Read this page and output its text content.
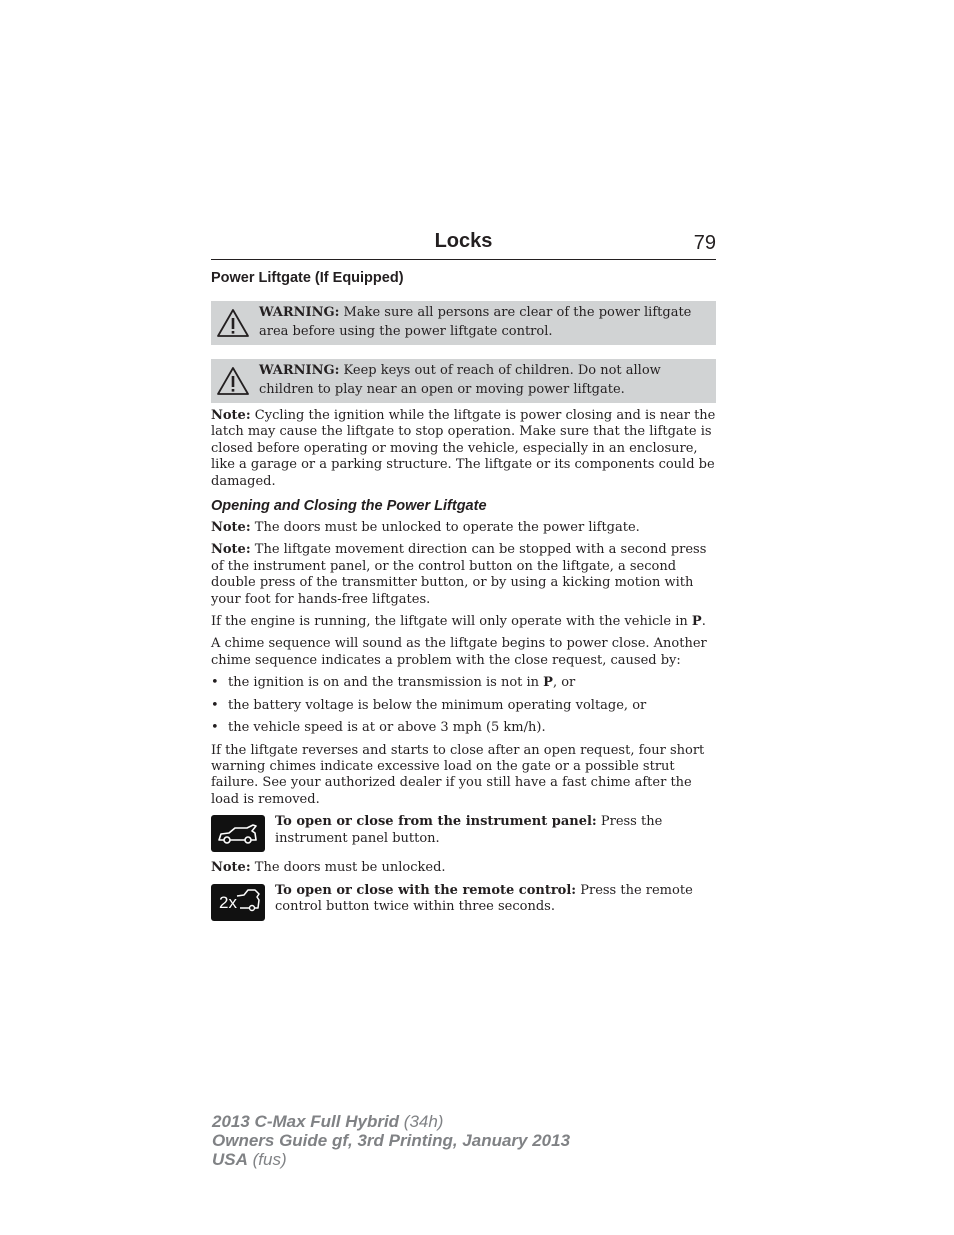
Locks	79
Power Liftgate (If Equipped)
WARNING: Make sure all persons are clear of the power liftgate area before using the power liftgate control.
WARNING: Keep keys out of reach of children. Do not allow children to play near an open or moving power liftgate.

Note: Cycling the ignition while the liftgate is power closing and is near the latch may cause the liftgate to stop operation. Make sure that the liftgate is closed before operating or moving the vehicle, especially in an enclosure, like a garage or a parking structure. The liftgate or its components could be damaged.

Opening and Closing the Power Liftgate

Note: The doors must be unlocked to operate the power liftgate.

Note: The liftgate movement direction can be stopped with a second press of the instrument panel, or the control button on the liftgate, a second double press of the transmitter button, or by using a kicking motion with your foot for hands-free liftgates.

If the engine is running, the liftgate will only operate with the vehicle in P.

A chime sequence will sound as the liftgate begins to power close. Another chime sequence indicates a problem with the close request, caused by:

• the ignition is on and the transmission is not in P, or
• the battery voltage is below the minimum operating voltage, or
• the vehicle speed is at or above 3 mph (5 km/h).

If the liftgate reverses and starts to close after an open request, four short warning chimes indicate excessive load on the gate or a possible strut failure. See your authorized dealer if you still have a fast chime after the load is removed.

To open or close from the instrument panel: Press the instrument panel button.

Note: The doors must be unlocked.

2x

To open or close with the remote control: Press the remote control button twice within three seconds.

2013 C-Max Full Hybrid (34h)
Owners Guide gf, 3rd Printing, January 2013
USA (fus)
